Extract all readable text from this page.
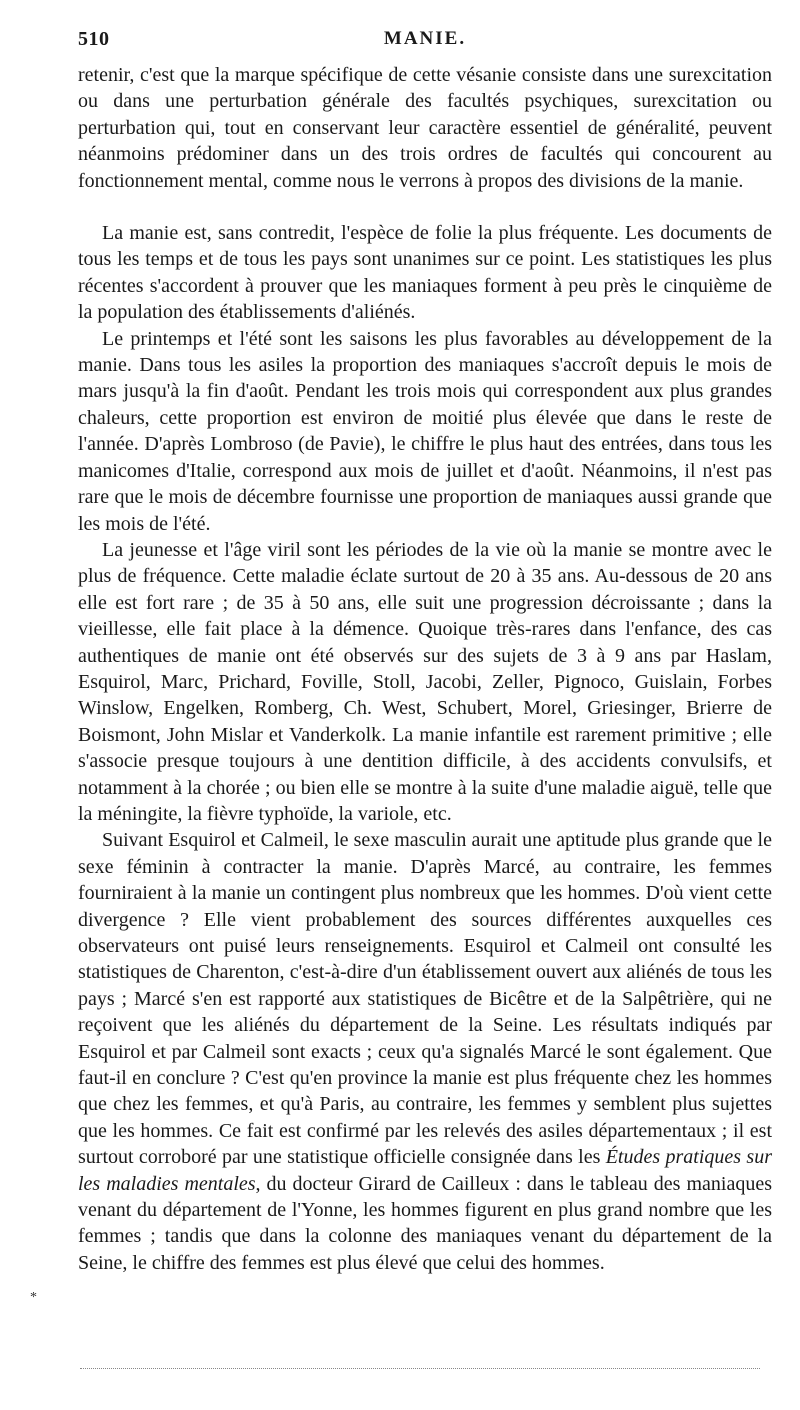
510	MANIE.

retenir, c'est que la marque spécifique de cette vésanie consiste dans une surexcitation ou dans une perturbation générale des facultés psychiques, surexcitation ou perturbation qui, tout en conservant leur caractère essentiel de généralité, peuvent néanmoins prédominer dans un des trois ordres de facultés qui concourent au fonctionnement mental, comme nous le verrons à propos des divisions de la manie.

La manie est, sans contredit, l'espèce de folie la plus fréquente. Les documents de tous les temps et de tous les pays sont unanimes sur ce point. Les statistiques les plus récentes s'accordent à prouver que les maniaques forment à peu près le cinquième de la population des établissements d'aliénés.

Le printemps et l'été sont les saisons les plus favorables au développement de la manie. Dans tous les asiles la proportion des maniaques s'accroît depuis le mois de mars jusqu'à la fin d'août. Pendant les trois mois qui correspondent aux plus grandes chaleurs, cette proportion est environ de moitié plus élevée que dans le reste de l'année. D'après Lombroso (de Pavie), le chiffre le plus haut des entrées, dans tous les manicomes d'Italie, correspond aux mois de juillet et d'août. Néanmoins, il n'est pas rare que le mois de décembre fournisse une proportion de maniaques aussi grande que les mois de l'été.

La jeunesse et l'âge viril sont les périodes de la vie où la manie se montre avec le plus de fréquence. Cette maladie éclate surtout de 20 à 35 ans. Au-dessous de 20 ans elle est fort rare ; de 35 à 50 ans, elle suit une progression décroissante ; dans la vieillesse, elle fait place à la démence. Quoique très-rares dans l'enfance, des cas authentiques de manie ont été observés sur des sujets de 3 à 9 ans par Haslam, Esquirol, Marc, Prichard, Foville, Stoll, Jacobi, Zeller, Pignoco, Guislain, Forbes Winslow, Engelken, Romberg, Ch. West, Schubert, Morel, Griesinger, Brierre de Boismont, John Mislar et Vanderkolk. La manie infantile est rarement primitive ; elle s'associe presque toujours à une dentition difficile, à des accidents convulsifs, et notamment à la chorée ; ou bien elle se montre à la suite d'une maladie aiguë, telle que la méningite, la fièvre typhoïde, la variole, etc.

Suivant Esquirol et Calmeil, le sexe masculin aurait une aptitude plus grande que le sexe féminin à contracter la manie. D'après Marcé, au contraire, les femmes fourniraient à la manie un contingent plus nombreux que les hommes. D'où vient cette divergence ? Elle vient probablement des sources différentes auxquelles ces observateurs ont puisé leurs renseignements. Esquirol et Calmeil ont consulté les statistiques de Charenton, c'est-à-dire d'un établissement ouvert aux aliénés de tous les pays ; Marcé s'en est rapporté aux statistiques de Bicêtre et de la Salpêtrière, qui ne reçoivent que les aliénés du département de la Seine. Les résultats indiqués par Esquirol et par Calmeil sont exacts ; ceux qu'a signalés Marcé le sont également. Que faut-il en conclure ? C'est qu'en province la manie est plus fréquente chez les hommes que chez les femmes, et qu'à Paris, au contraire, les femmes y semblent plus sujettes que les hommes. Ce fait est confirmé par les relevés des asiles départementaux ; il est surtout corroboré par une statistique officielle consignée dans les Études pratiques sur les maladies mentales, du docteur Girard de Cailleux : dans le tableau des maniaques venant du département de l'Yonne, les hommes figurent en plus grand nombre que les femmes ; tandis que dans la colonne des maniaques venant du département de la Seine, le chiffre des femmes est plus élevé que celui des hommes.

*
